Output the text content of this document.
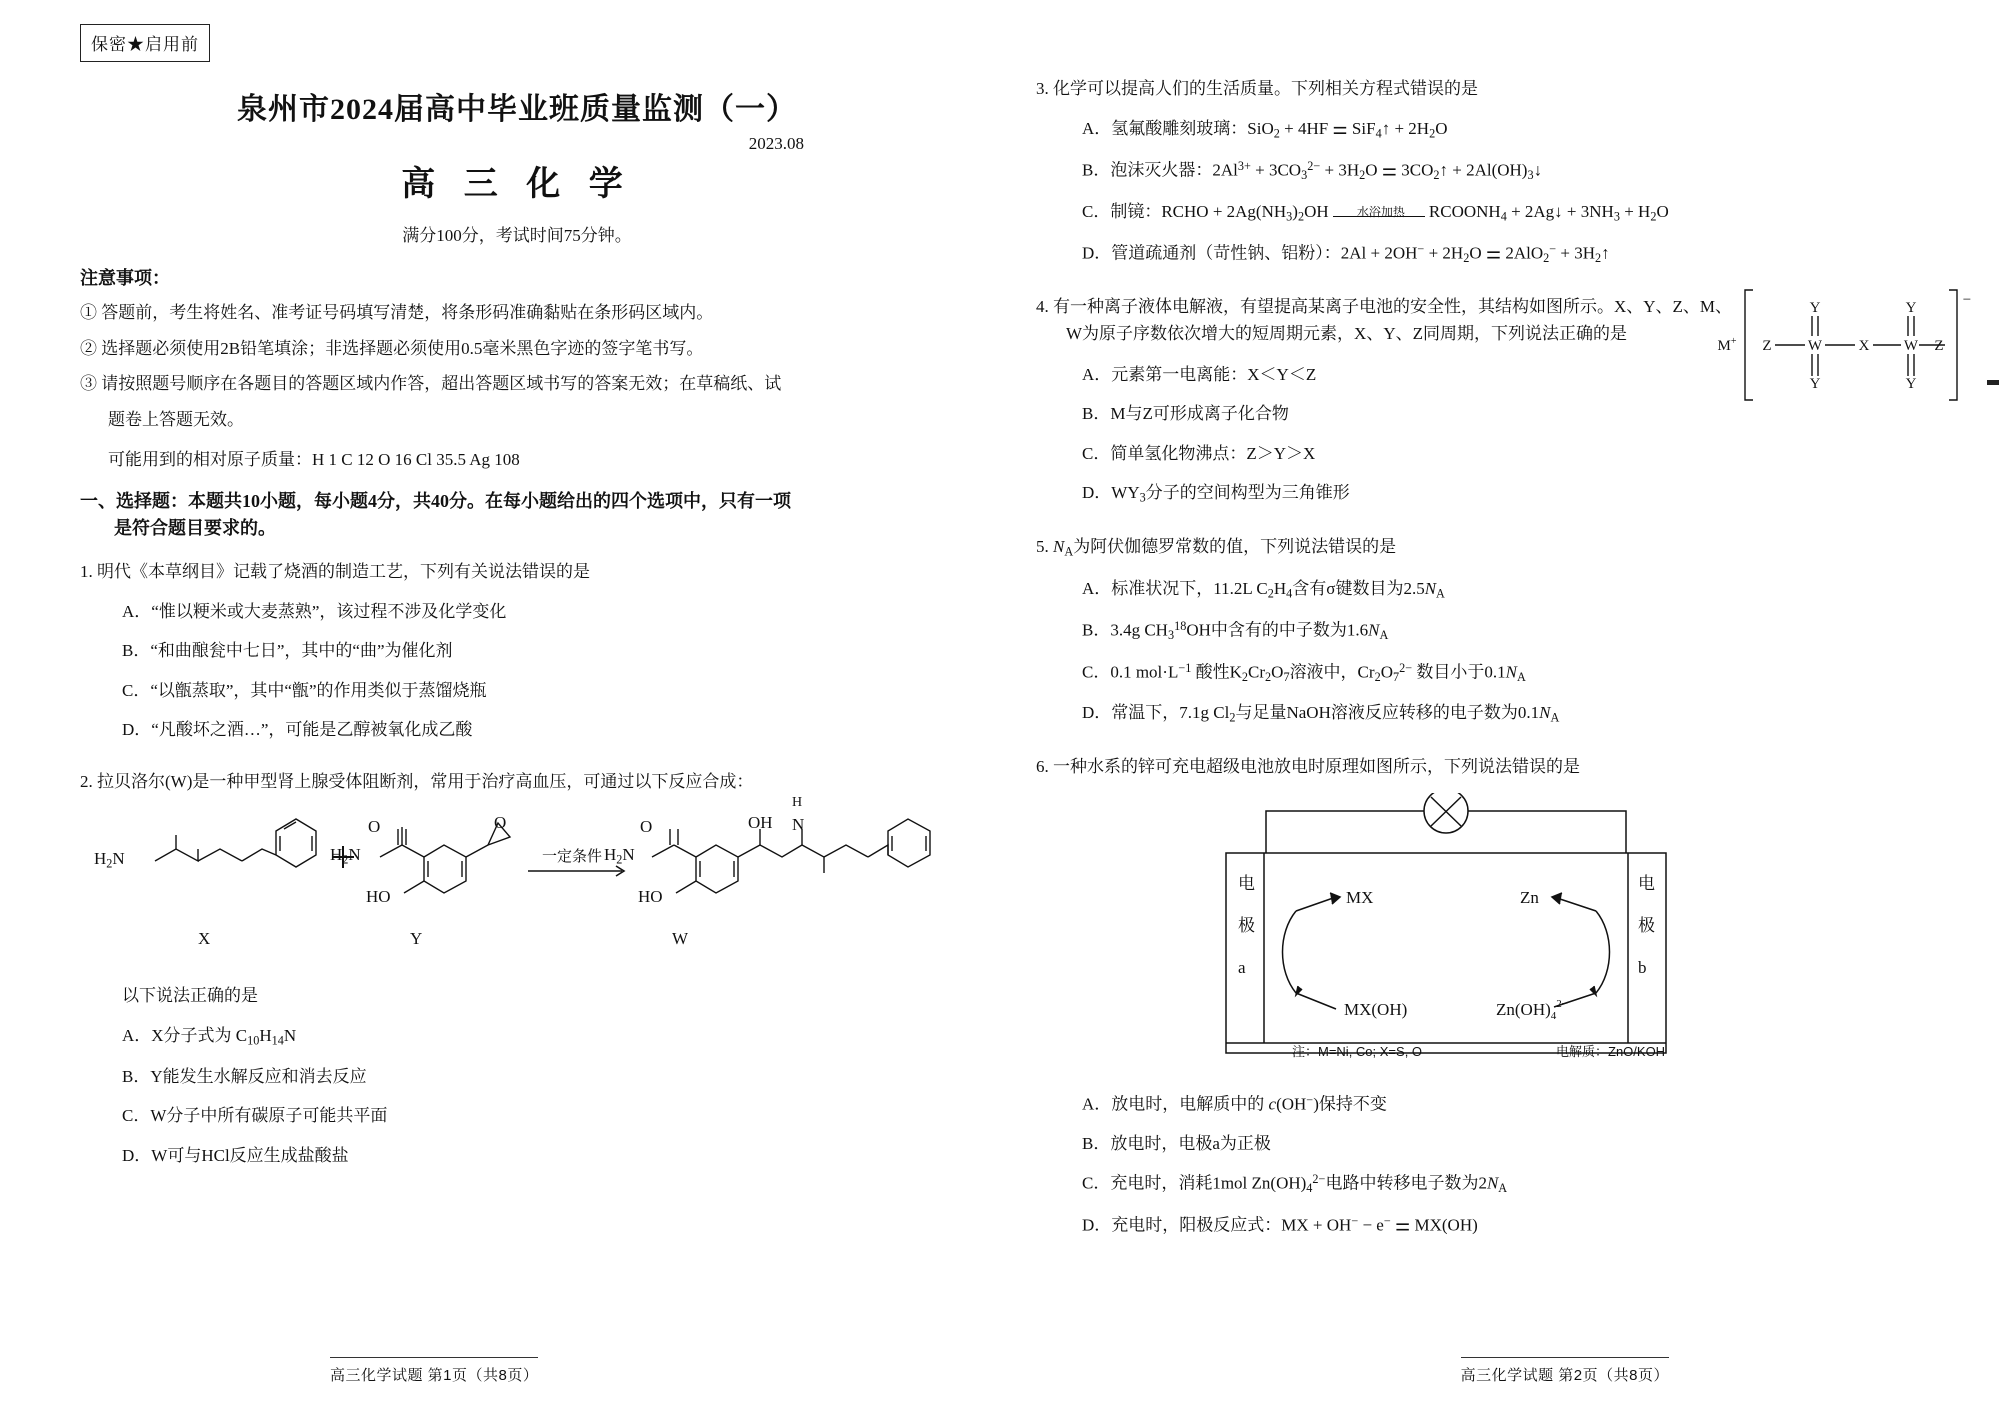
保密★启用前
泉州市2024届高中毕业班质量监测（一）
2023.08
高 三 化 学
满分100分，考试时间75分钟。
注意事项：
① 答题前，考生将姓名、准考证号码填写清楚，将条形码准确黏贴在条形码区域内。
② 选择题必须使用2B铅笔填涂；非选择题必须使用0.5毫米黑色字迹的签字笔书写。
③ 请按照题号顺序在各题目的答题区域内作答，超出答题区域书写的答案无效；在草稿纸、试
题卷上答题无效。
可能用到的相对原子质量：H 1 C 12 O 16 Cl 35.5 Ag 108
一、选择题：本题共10小题，每小题4分，共40分。在每小题给出的四个选项中，只有一项
是符合题目要求的。
1. 明代《本草纲目》记载了烧酒的制造工艺，下列有关说法错误的是
A．“惟以粳米或大麦蒸熟”，该过程不涉及化学变化
B．“和曲酿瓮中七日”，其中的“曲”为催化剂
C．“以甑蒸取”，其中“甑”的作用类似于蒸馏烧瓶
D．“凡酸坏之酒…”，可能是乙醇被氧化成乙酸
2. 拉贝洛尔(W)是一种甲型肾上腺受体阻断剂，常用于治疗高血压，可通过以下反应合成：
$H_2N$	$H_2N$
O
HO
O
一定条件 $H_2N$
O
HO
OH N
H
X	Y	W
以下说法正确的是
A．X分子式为 $C_{10}H_{14}N$
B．Y能发生水解反应和消去反应
C．W分子中所有碳原子可能共平面
D．W可与HCl反应生成盐酸盐
高三化学试题 第1页（共8页）
3. 化学可以提高人们的生活质量。下列相关方程式错误的是
A．氢氟酸雕刻玻璃：SiO$_2$ + 4HF ⚌ SiF$_4$↑ + $2H_2O$
B．泡沫灭火器：$2Al^{3+} + 3CO_3^{2-} + 3H_2O$ ⚌ $3CO_2↑$ + $2Al(OH)_3↓$
C．制镜：RCHO + $2Ag(NH_3)_2OH$	水浴加热	$RCOONH_4$ + 2Ag↓ + $3NH_3 + H_2O$
D．管道疏通剂（苛性钠、铝粉）：$2Al + 2OH^- + 2H_2O$ ⚌ $2AlO_2^- + 3H_2↑$
4. 有一种离子液体电解液，有望提高某离子电池的安全性，其结构如图所示。X、Y、Z、M、
W为原子序数依次增大的短周期元素，X、Y、Z同周期，下列说法正确的是
A．元素第一电离能：X＜Y＜Z
B．M与Z可形成离子化合物
C．简单氢化物沸点：Z＞Y＞X
D．$WY_3$分子的空间构型为三角锥形
Z W X W Z
Y
Y
Y
Y
M+
−
5. $N_A$为阿伏伽德罗常数的值，下列说法错误的是
A．标准状况下，11.2L $C_2H_4$含有σ键数目为$2.5N_A$
B．3.4g $CH_3^{18}OH$中含有的中子数为$1.6N_A$
C．0.1 $mol\cdot L^{-1}$ 酸性$K_2Cr_2O_7$溶液中，$Cr_2O_7^{2-}$ 数目小于$0.1N_A$
D．常温下，7.1g $Cl_2$与足量NaOH溶液反应转移的电子数为$0.1N_A$
6. 一种水系的锌可充电超级电池放电时原理如图所示，下列说法错误的是
电
极
a
电
极
b
MX
MX(OH)
Zn
$Zn(OH)_4^{2-}$
注：M=Ni, Co; X=S, O	电解质：ZnO/KOH
A．放电时，电解质中的 c(OH−)保持不变
B．放电时，电极a为正极
C．充电时，消耗1mol $Zn(OH)_4^{2-}$电路中转移电子数为$2N_A$
D．充电时，阳极反应式：MX + OH− − e− ⚌ MX(OH)
高三化学试题 第2页（共8页）
